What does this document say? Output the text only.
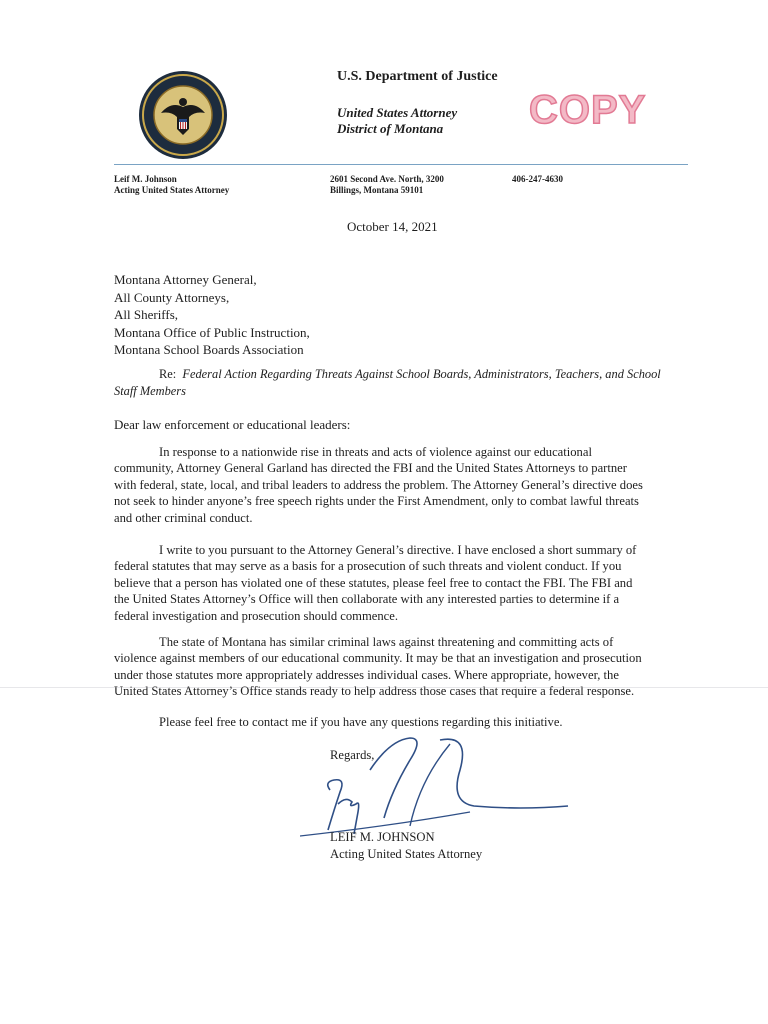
U.S. Department of Justice
United States Attorney
District of Montana	COPY
Leif M. Johnson
Acting United States Attorney
2601 Second Ave. North, 3200
Billings, Montana 59101
406-247-4630
October 14, 2021
Montana Attorney General,
All County Attorneys,
All Sheriffs,
Montana Office of Public Instruction,
Montana School Boards Association
Re: Federal Action Regarding Threats Against School Boards, Administrators, Teachers, and School Staff Members
Dear law enforcement or educational leaders:
In response to a nationwide rise in threats and acts of violence against our educational
community, Attorney General Garland has directed the FBI and the United States Attorneys to partner
with federal, state, local, and tribal leaders to address the problem. The Attorney General’s directive does
not seek to hinder anyone’s free speech rights under the First Amendment, only to combat lawful threats
and other criminal conduct.
I write to you pursuant to the Attorney General’s directive. I have enclosed a short summary of
federal statutes that may serve as a basis for a prosecution of such threats and violent conduct. If you
believe that a person has violated one of these statutes, please feel free to contact the FBI. The FBI and
the United States Attorney’s Office will then collaborate with any interested parties to determine if a
federal investigation and prosecution should commence.
The state of Montana has similar criminal laws against threatening and committing acts of
violence against members of our educational community. It may be that an investigation and prosecution
under those statutes more appropriately addresses individual cases. Where appropriate, however, the
United States Attorney’s Office stands ready to help address those cases that require a federal response.
Please feel free to contact me if you have any questions regarding this initiative.
Regards,
LEIF M. JOHNSON
Acting United States Attorney
